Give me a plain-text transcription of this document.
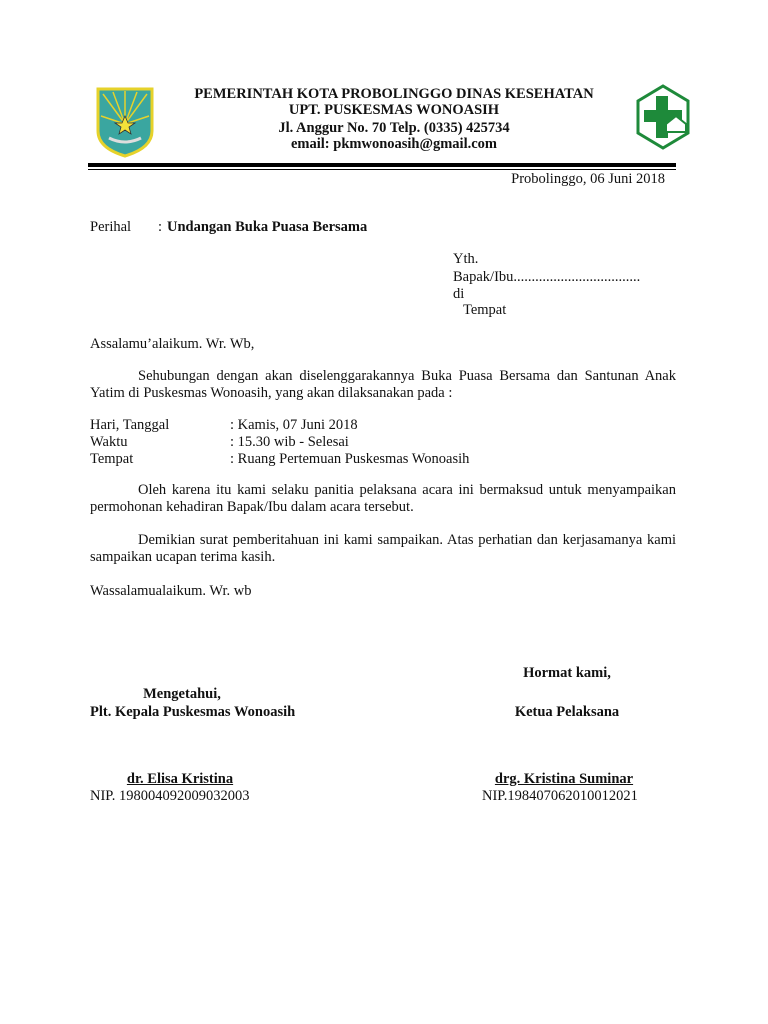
PEMERINTAH KOTA PROBOLINGGO DINAS KESEHATAN
UPT. PUSKESMAS WONOASIH
Jl. Anggur No. 70 Telp. (0335) 425734
email: pkmwonoasih@gmail.com
Probolinggo, 06 Juni 2018
Perihal : Undangan Buka Puasa Bersama
Yth.
Bapak/Ibu...................................
di
Tempat
Assalamu’alaikum. Wr. Wb,
Sehubungan dengan akan diselenggarakannya Buka Puasa Bersama dan Santunan Anak Yatim di Puskesmas Wonoasih, yang akan dilaksanakan pada :
Hari, Tanggal	: Kamis, 07 Juni 2018
Waktu	: 15.30 wib - Selesai
Tempat	: Ruang Pertemuan Puskesmas Wonoasih
Oleh karena itu kami selaku panitia pelaksana acara ini bermaksud untuk menyampaikan permohonan kehadiran Bapak/Ibu dalam acara tersebut.
Demikian surat pemberitahuan ini kami sampaikan. Atas perhatian dan kerjasamanya kami sampaikan ucapan terima kasih.
Wassalamualaikum. Wr. wb
Hormat kami,
Mengetahui,
Plt. Kepala Puskesmas Wonoasih	Ketua Pelaksana
dr. Elisa Kristina
NIP. 198004092009032003
drg. Kristina Suminar
NIP.198407062010012021
